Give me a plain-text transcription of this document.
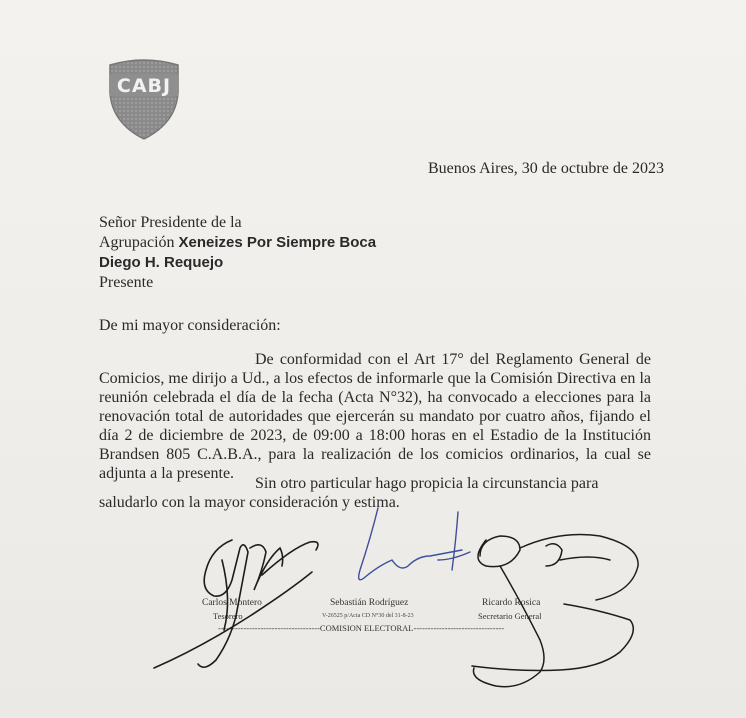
CABJ
Buenos Aires, 30 de octubre de 2023
Señor Presidente de la
Agrupación Xeneizes Por Siempre Boca
Diego H. Requejo
Presente
De mi mayor consideración:
De conformidad con el Art 17° del Reglamento General de Comicios, me dirijo a Ud., a los efectos de informarle que la Comisión Directiva en la reunión celebrada el día de la fecha (Acta N°32), ha convocado a elecciones para la renovación total de autoridades que ejercerán su mandato por cuatro años, fijando el día 2 de diciembre de 2023, de 09:00 a 18:00 horas en el Estadio de la Institución Brandsen 805 C.A.B.A., para la realización de los comicios ordinarios, la cual se adjunta a la presente.
Sin otro particular hago propicia la circunstancia para saludarlo con la mayor consideración y estima.
Carlos Montero
Tesorero
Sebastián Rodríguez
V-26525 p/Acta CD N°30 del 31-8-23
Ricardo Rosica
Secretario General
------------------------------------COMISION ELECTORAL--------------------------------
